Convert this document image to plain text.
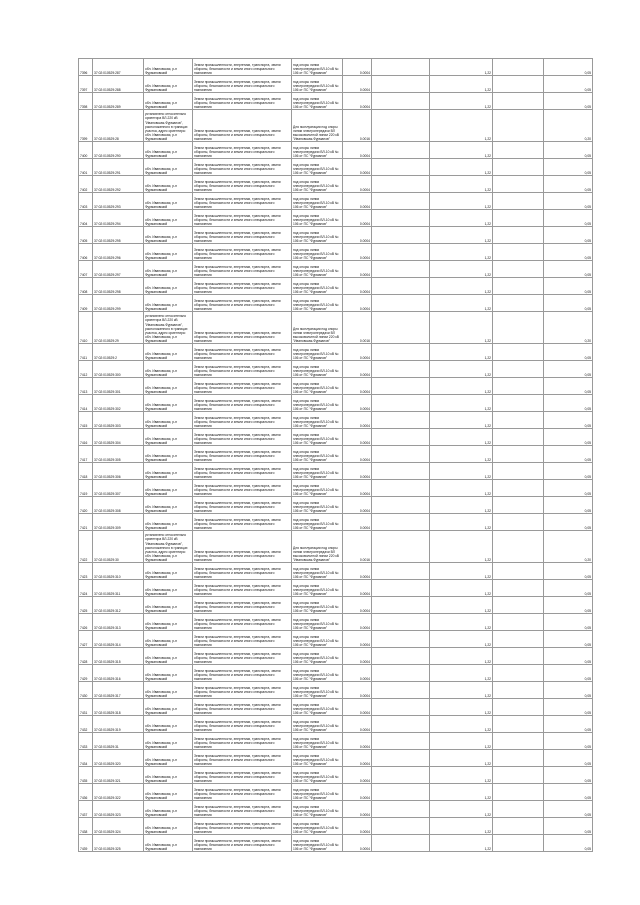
7396	37:02:010529:287	обл. Ивановская, р-н Фурмановский	Земли промышленности, энергетики, транспорта, земли обороны, безопасности и земли иного специального назначения	под опоры линии электропередачи ВЛ-10 кВ № 106 от ПС "Фурманов"	0.0004		1,22		0,05
7397	37:02:010529:288	обл. Ивановская, р-н Фурмановский	Земли промышленности, энергетики, транспорта, земли обороны, безопасности и земли иного специального назначения	под опоры линии электропередачи ВЛ-10 кВ № 106 от ПС "Фурманов"	0.0004		1,22		0,05
7398	37:02:010529:289	обл. Ивановская, р-н Фурмановский	Земли промышленности, энергетики, транспорта, земли обороны, безопасности и земли иного специального назначения	под опоры линии электропередачи ВЛ-10 кВ № 106 от ПС "Фурманов"	0.0004		1,22		0,05
7399	37:02:010529:28	установлено относительно ориентира ВЛ-220 кВ "Ивановская-Фурманов", расположенного в границах участка, адрес ориентира: обл. Ивановская, р-н Фурмановский	Земли промышленности, энергетики, транспорта, земли обороны, безопасности и земли иного специального назначения	Для эксплуатации под опоры линии электропередачи ВЛ высоковольтной линии 220 кВ "Ивановская-Фурманов"	0.0016		1,22		0,20
7400	37:02:010529:290	обл. Ивановская, р-н Фурмановский	Земли промышленности, энергетики, транспорта, земли обороны, безопасности и земли иного специального назначения	под опоры линии электропередачи ВЛ-10 кВ № 106 от ПС "Фурманов"	0.0004		1,22		0,05
7401	37:02:010529:291	обл. Ивановская, р-н Фурмановский	Земли промышленности, энергетики, транспорта, земли обороны, безопасности и земли иного специального назначения	под опоры линии электропередачи ВЛ-10 кВ № 106 от ПС "Фурманов"	0.0004		1,22		0,05
7402	37:02:010529:292	обл. Ивановская, р-н Фурмановский	Земли промышленности, энергетики, транспорта, земли обороны, безопасности и земли иного специального назначения	под опоры линии электропередачи ВЛ-10 кВ № 106 от ПС "Фурманов"	0.0004		1,22		0,05
7403	37:02:010529:293	обл. Ивановская, р-н Фурмановский	Земли промышленности, энергетики, транспорта, земли обороны, безопасности и земли иного специального назначения	под опоры линии электропередачи ВЛ-10 кВ № 106 от ПС "Фурманов"	0.0004		1,22		0,05
7404	37:02:010529:294	обл. Ивановская, р-н Фурмановский	Земли промышленности, энергетики, транспорта, земли обороны, безопасности и земли иного специального назначения	под опоры линии электропередачи ВЛ-10 кВ № 106 от ПС "Фурманов"	0.0004		1,22		0,05
7405	37:02:010529:295	обл. Ивановская, р-н Фурмановский	Земли промышленности, энергетики, транспорта, земли обороны, безопасности и земли иного специального назначения	под опоры линии электропередачи ВЛ-10 кВ № 106 от ПС "Фурманов"	0.0004		1,22		0,05
7406	37:02:010529:296	обл. Ивановская, р-н Фурмановский	Земли промышленности, энергетики, транспорта, земли обороны, безопасности и земли иного специального назначения	под опоры линии электропередачи ВЛ-10 кВ № 106 от ПС "Фурманов"	0.0004		1,22		0,05
7407	37:02:010529:297	обл. Ивановская, р-н Фурмановский	Земли промышленности, энергетики, транспорта, земли обороны, безопасности и земли иного специального назначения	под опоры линии электропередачи ВЛ-10 кВ № 106 от ПС "Фурманов"	0.0004		1,22		0,05
7408	37:02:010529:298	обл. Ивановская, р-н Фурмановский	Земли промышленности, энергетики, транспорта, земли обороны, безопасности и земли иного специального назначения	под опоры линии электропередачи ВЛ-10 кВ № 106 от ПС "Фурманов"	0.0004		1,22		0,05
7409	37:02:010529:299	обл. Ивановская, р-н Фурмановский	Земли промышленности, энергетики, транспорта, земли обороны, безопасности и земли иного специального назначения	под опоры линии электропередачи ВЛ-10 кВ № 106 от ПС "Фурманов"	0.0004		1,22		0,05
7410	37:02:010529:29	установлено относительно ориентира ВЛ-220 кВ "Ивановская-Фурманов", расположенного в границах участка, адрес ориентира: обл. Ивановская, р-н Фурмановский	Земли промышленности, энергетики, транспорта, земли обороны, безопасности и земли иного специального назначения	Для эксплуатации под опоры линии электропередачи ВЛ высоковольтной линии 220 кВ "Ивановская-Фурманов"	0.0016		1,22		0,20
7411	37:02:010529:2	обл. Ивановская, р-н Фурмановский	Земли промышленности, энергетики, транспорта, земли обороны, безопасности и земли иного специального назначения	под опоры линии электропередачи ВЛ-10 кВ № 106 от ПС "Фурманов"	0.0004		1,22		0,05
7412	37:02:010529:300	обл. Ивановская, р-н Фурмановский	Земли промышленности, энергетики, транспорта, земли обороны, безопасности и земли иного специального назначения	под опоры линии электропередачи ВЛ-10 кВ № 106 от ПС "Фурманов"	0.0004		1,22		0,05
7413	37:02:010529:301	обл. Ивановская, р-н Фурмановский	Земли промышленности, энергетики, транспорта, земли обороны, безопасности и земли иного специального назначения	под опоры линии электропередачи ВЛ-10 кВ № 106 от ПС "Фурманов"	0.0004		1,22		0,05
7414	37:02:010529:302	обл. Ивановская, р-н Фурмановский	Земли промышленности, энергетики, транспорта, земли обороны, безопасности и земли иного специального назначения	под опоры линии электропередачи ВЛ-10 кВ № 106 от ПС "Фурманов"	0.0004		1,22		0,05
7415	37:02:010529:303	обл. Ивановская, р-н Фурмановский	Земли промышленности, энергетики, транспорта, земли обороны, безопасности и земли иного специального назначения	под опоры линии электропередачи ВЛ-10 кВ № 106 от ПС "Фурманов"	0.0004		1,22		0,05
7416	37:02:010529:304	обл. Ивановская, р-н Фурмановский	Земли промышленности, энергетики, транспорта, земли обороны, безопасности и земли иного специального назначения	под опоры линии электропередачи ВЛ-10 кВ № 106 от ПС "Фурманов"	0.0004		1,22		0,05
7417	37:02:010529:305	обл. Ивановская, р-н Фурмановский	Земли промышленности, энергетики, транспорта, земли обороны, безопасности и земли иного специального назначения	под опоры линии электропередачи ВЛ-10 кВ № 106 от ПС "Фурманов"	0.0004		1,22		0,05
7418	37:02:010529:306	обл. Ивановская, р-н Фурмановский	Земли промышленности, энергетики, транспорта, земли обороны, безопасности и земли иного специального назначения	под опоры линии электропередачи ВЛ-10 кВ № 106 от ПС "Фурманов"	0.0004		1,22		0,05
7419	37:02:010529:307	обл. Ивановская, р-н Фурмановский	Земли промышленности, энергетики, транспорта, земли обороны, безопасности и земли иного специального назначения	под опоры линии электропередачи ВЛ-10 кВ № 106 от ПС "Фурманов"	0.0004		1,22		0,05
7420	37:02:010529:308	обл. Ивановская, р-н Фурмановский	Земли промышленности, энергетики, транспорта, земли обороны, безопасности и земли иного специального назначения	под опоры линии электропередачи ВЛ-10 кВ № 106 от ПС "Фурманов"	0.0004		1,22		0,05
7421	37:02:010529:309	обл. Ивановская, р-н Фурмановский	Земли промышленности, энергетики, транспорта, земли обороны, безопасности и земли иного специального назначения	под опоры линии электропередачи ВЛ-10 кВ № 106 от ПС "Фурманов"	0.0004		1,22		0,05
7422	37:02:010529:30	установлено относительно ориентира ВЛ-220 кВ "Ивановская-Фурманов", расположенного в границах участка, адрес ориентира: обл. Ивановская, р-н Фурмановский	Земли промышленности, энергетики, транспорта, земли обороны, безопасности и земли иного специального назначения	Для эксплуатации под опоры линии электропередачи ВЛ высоковольтной линии 220 кВ "Ивановская-Фурманов"	0.0016		1,22		0,20
7423	37:02:010529:310	обл. Ивановская, р-н Фурмановский	Земли промышленности, энергетики, транспорта, земли обороны, безопасности и земли иного специального назначения	под опоры линии электропередачи ВЛ-10 кВ № 106 от ПС "Фурманов"	0.0004		1,22		0,05
7424	37:02:010529:311	обл. Ивановская, р-н Фурмановский	Земли промышленности, энергетики, транспорта, земли обороны, безопасности и земли иного специального назначения	под опоры линии электропередачи ВЛ-10 кВ № 106 от ПС "Фурманов"	0.0004		1,22		0,05
7425	37:02:010529:312	обл. Ивановская, р-н Фурмановский	Земли промышленности, энергетики, транспорта, земли обороны, безопасности и земли иного специального назначения	под опоры линии электропередачи ВЛ-10 кВ № 106 от ПС "Фурманов"	0.0004		1,22		0,05
7426	37:02:010529:313	обл. Ивановская, р-н Фурмановский	Земли промышленности, энергетики, транспорта, земли обороны, безопасности и земли иного специального назначения	под опоры линии электропередачи ВЛ-10 кВ № 106 от ПС "Фурманов"	0.0004		1,22		0,05
7427	37:02:010529:314	обл. Ивановская, р-н Фурмановский	Земли промышленности, энергетики, транспорта, земли обороны, безопасности и земли иного специального назначения	под опоры линии электропередачи ВЛ-10 кВ № 106 от ПС "Фурманов"	0.0004		1,22		0,05
7428	37:02:010529:315	обл. Ивановская, р-н Фурмановский	Земли промышленности, энергетики, транспорта, земли обороны, безопасности и земли иного специального назначения	под опоры линии электропередачи ВЛ-10 кВ № 106 от ПС "Фурманов"	0.0004		1,22		0,05
7429	37:02:010529:316	обл. Ивановская, р-н Фурмановский	Земли промышленности, энергетики, транспорта, земли обороны, безопасности и земли иного специального назначения	под опоры линии электропередачи ВЛ-10 кВ № 106 от ПС "Фурманов"	0.0004		1,22		0,05
7430	37:02:010529:317	обл. Ивановская, р-н Фурмановский	Земли промышленности, энергетики, транспорта, земли обороны, безопасности и земли иного специального назначения	под опоры линии электропередачи ВЛ-10 кВ № 106 от ПС "Фурманов"	0.0004		1,22		0,05
7431	37:02:010529:318	обл. Ивановская, р-н Фурмановский	Земли промышленности, энергетики, транспорта, земли обороны, безопасности и земли иного специального назначения	под опоры линии электропередачи ВЛ-10 кВ № 106 от ПС "Фурманов"	0.0004		1,22		0,05
7432	37:02:010529:319	обл. Ивановская, р-н Фурмановский	Земли промышленности, энергетики, транспорта, земли обороны, безопасности и земли иного специального назначения	под опоры линии электропередачи ВЛ-10 кВ № 106 от ПС "Фурманов"	0.0004		1,22		0,05
7433	37:02:010529:31	обл. Ивановская, р-н Фурмановский	Земли промышленности, энергетики, транспорта, земли обороны, безопасности и земли иного специального назначения	под опоры линии электропередачи ВЛ-10 кВ № 106 от ПС "Фурманов"	0.0004		1,22		0,05
7434	37:02:010529:320	обл. Ивановская, р-н Фурмановский	Земли промышленности, энергетики, транспорта, земли обороны, безопасности и земли иного специального назначения	под опоры линии электропередачи ВЛ-10 кВ № 106 от ПС "Фурманов"	0.0004		1,22		0,05
7435	37:02:010529:321	обл. Ивановская, р-н Фурмановский	Земли промышленности, энергетики, транспорта, земли обороны, безопасности и земли иного специального назначения	под опоры линии электропередачи ВЛ-10 кВ № 106 от ПС "Фурманов"	0.0004		1,22		0,05
7436	37:02:010529:322	обл. Ивановская, р-н Фурмановский	Земли промышленности, энергетики, транспорта, земли обороны, безопасности и земли иного специального назначения	под опоры линии электропередачи ВЛ-10 кВ № 106 от ПС "Фурманов"	0.0004		1,22		0,05
7437	37:02:010529:323	обл. Ивановская, р-н Фурмановский	Земли промышленности, энергетики, транспорта, земли обороны, безопасности и земли иного специального назначения	под опоры линии электропередачи ВЛ-10 кВ № 106 от ПС "Фурманов"	0.0004		1,22		0,05
7438	37:02:010529:324	обл. Ивановская, р-н Фурмановский	Земли промышленности, энергетики, транспорта, земли обороны, безопасности и земли иного специального назначения	под опоры линии электропередачи ВЛ-10 кВ № 106 от ПС "Фурманов"	0.0004		1,22		0,05
7439	37:02:010529:325	обл. Ивановская, р-н Фурмановский	Земли промышленности, энергетики, транспорта, земли обороны, безопасности и земли иного специального назначения	под опоры линии электропередачи ВЛ-10 кВ № 106 от ПС "Фурманов"	0.0004		1,22		0,05
